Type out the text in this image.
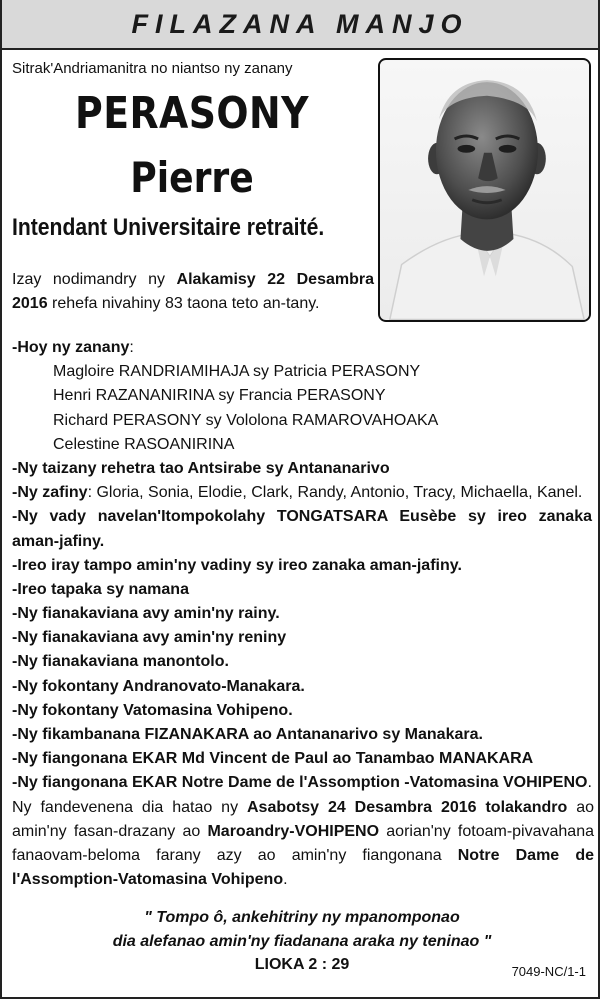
FILAZANA MANJO
Sitrak'Andriamanitra no niantso ny zanany
PERASONY
Pierre
Intendant Universitaire retraité.
Izay nodimandry ny Alakamisy 22 Desambra 2016 rehefa nivahiny 83 taona teto an-tany.
-Hoy ny zanany:
Magloire RANDRIAMIHAJA sy Patricia PERASONY
Henri RAZANANIRINA sy Francia PERASONY
Richard PERASONY sy Vololona RAMAROVAHOAKA
Celestine RASOANIRINA
-Ny taizany rehetra tao Antsirabe sy Antananarivo
-Ny zafiny: Gloria, Sonia, Elodie, Clark, Randy, Antonio, Tracy, Michaella, Kanel.
-Ny vady navelan'Itompokolahy TONGATSARA Eusèbe sy ireo zanaka aman-jafiny.
-Ireo iray tampo amin'ny vadiny sy ireo zanaka aman-jafiny.
-Ireo tapaka sy namana
-Ny fianakaviana avy amin'ny rainy.
-Ny fianakaviana avy amin'ny reniny
-Ny fianakaviana manontolo.
-Ny fokontany Andranovato-Manakara.
-Ny fokontany Vatomasina Vohipeno.
-Ny fikambanana FIZANAKARA ao Antananarivo sy Manakara.
-Ny fiangonana EKAR Md Vincent de Paul ao Tanambao MANAKARA
-Ny fiangonana EKAR Notre Dame de l'Assomption -Vatomasina VOHIPENO.
Ny fandevenena dia hatao ny Asabotsy 24 Desambra 2016 tolakandro ao amin'ny fasan-drazany ao Maroandry-VOHIPENO aorian'ny fotoam-pivavahana fanaovam-beloma farany azy ao amin'ny fiangonana Notre Dame de l'Assomption-Vatomasina Vohipeno.
" Tompo ô, ankehitriny ny mpanomponao
dia alefanao amin'ny fiadanana araka ny teninao "
LIOKA 2 : 29	7049-NC/1-1
